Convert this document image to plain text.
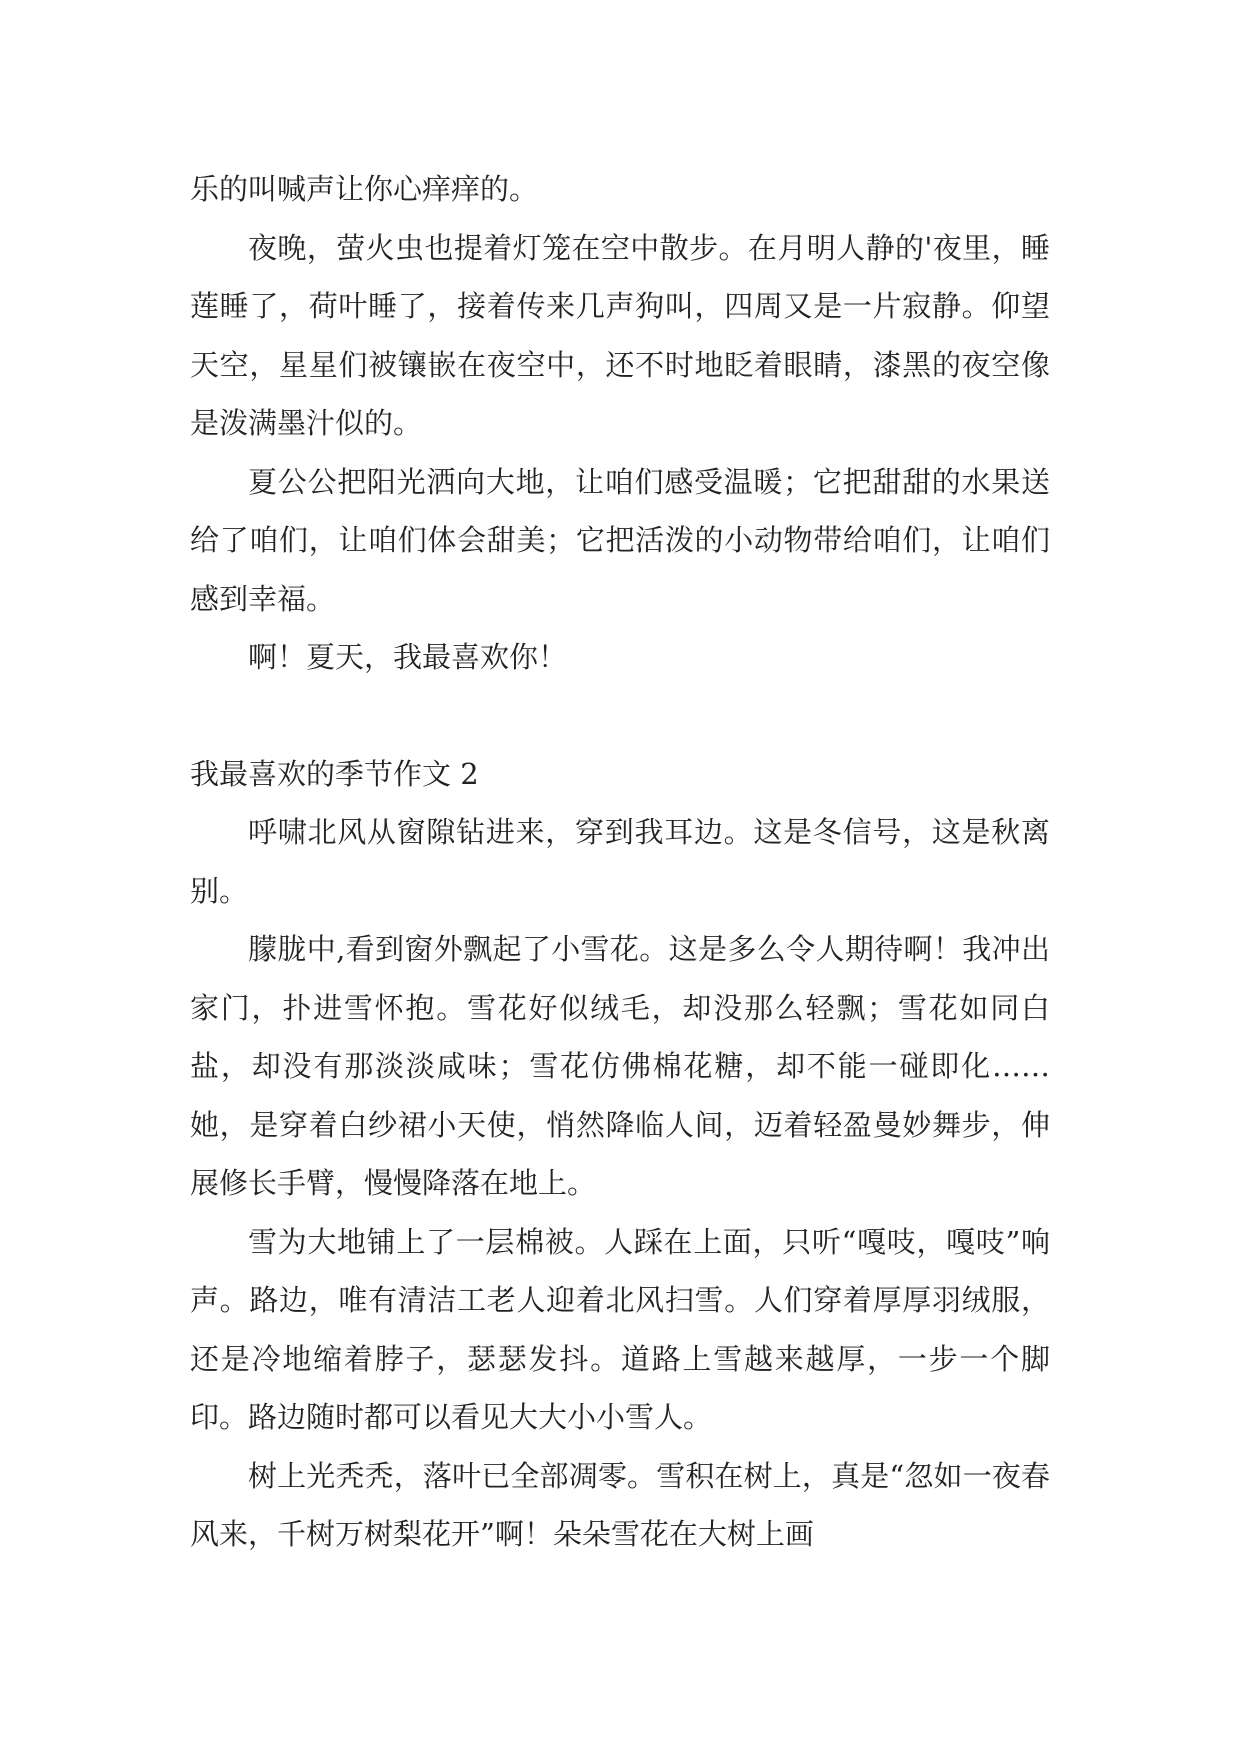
乐的叫喊声让你心痒痒的。

夜晚，萤火虫也提着灯笼在空中散步。在月明人静的'夜里，睡莲睡了，荷叶睡了，接着传来几声狗叫，四周又是一片寂静。仰望天空，星星们被镶嵌在夜空中，还不时地眨着眼睛，漆黑的夜空像是泼满墨汁似的。

夏公公把阳光洒向大地，让咱们感受温暖；它把甜甜的水果送给了咱们，让咱们体会甜美；它把活泼的小动物带给咱们，让咱们感到幸福。

啊！夏天，我最喜欢你！

我最喜欢的季节作文 2

呼啸北风从窗隙钻进来，穿到我耳边。这是冬信号，这是秋离别。

朦胧中,看到窗外飘起了小雪花。这是多么令人期待啊！我冲出家门，扑进雪怀抱。雪花好似绒毛，却没那么轻飘；雪花如同白盐，却没有那淡淡咸味；雪花仿佛棉花糖，却不能一碰即化……她，是穿着白纱裙小天使，悄然降临人间，迈着轻盈曼妙舞步，伸展修长手臂，慢慢降落在地上。

雪为大地铺上了一层棉被。人踩在上面，只听“嘎吱，嘎吱”响声。路边，唯有清洁工老人迎着北风扫雪。人们穿着厚厚羽绒服，还是冷地缩着脖子，瑟瑟发抖。道路上雪越来越厚，一步一个脚印。路边随时都可以看见大大小小雪人。

树上光秃秃，落叶已全部凋零。雪积在树上，真是“忽如一夜春风来，千树万树梨花开”啊！朵朵雪花在大树上画
